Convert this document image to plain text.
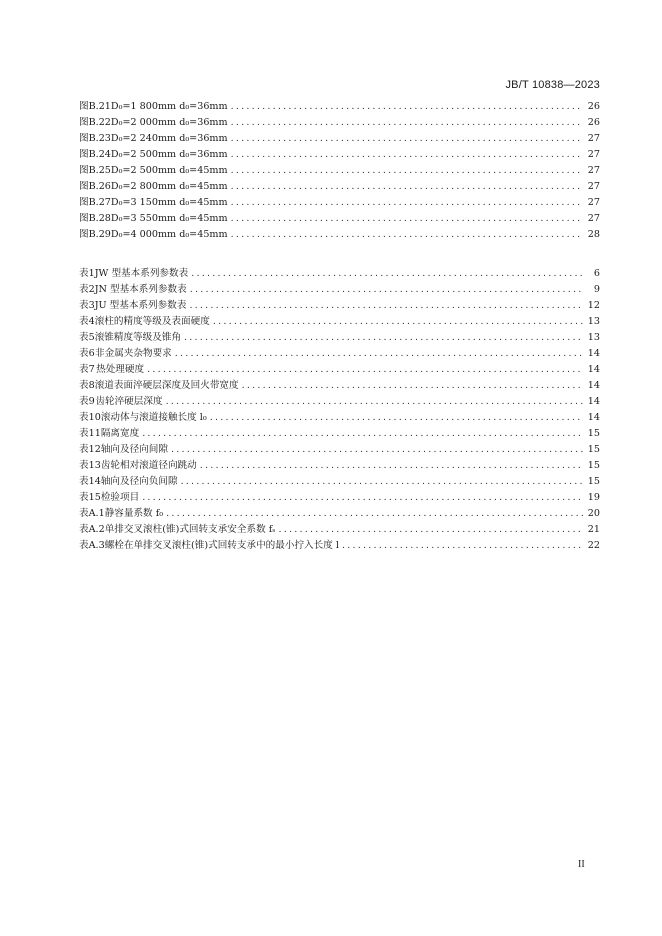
JB/T 10838—2023
图B.21 D₀=1 800mm d₀=36mm .....	26
图B.22 D₀=2 000mm d₀=36mm .....	26
图B.23 D₀=2 240mm d₀=36mm .....	27
图B.24 D₀=2 500mm d₀=36mm .....	27
图B.25 D₀=2 500mm d₀=45mm .....	27
图B.26 D₀=2 800mm d₀=45mm .....	27
图B.27 D₀=3 150mm d₀=45mm .....	27
图B.28 D₀=3 550mm d₀=45mm .....	27
图B.29 D₀=4 000mm d₀=45mm .....	28
表1 JW 型基本系列参数表 .....	6
表2 JN 型基本系列参数表 .....	9
表3 JU 型基本系列参数表 .....	12
表4 滚柱的精度等级及表面硬度 .....	13
表5 滚锥精度等级及锥角 .....	13
表6 非金属夹杂物要求 .....	14
表7 热处理硬度 .....	14
表8 滚道表面淬硬层深度及回火带宽度 .....	14
表9 齿轮淬硬层深度 .....	14
表10 滚动体与滚道接触长度 l₀ .....	14
表11 隔离宽度 .....	15
表12 轴向及径向间隙 .....	15
表13 齿轮相对滚道径向跳动 .....	15
表14 轴向及径向负间隙 .....	15
表15 检验项目 .....	19
表A.1 静容量系数 f₀ .....	20
表A.2 单排交叉滚柱(锥)式回转支承安全系数 fₛ .....	21
表A.3 螺栓在单排交叉滚柱(锥)式回转支承中的最小拧入长度 l .....	22
II
